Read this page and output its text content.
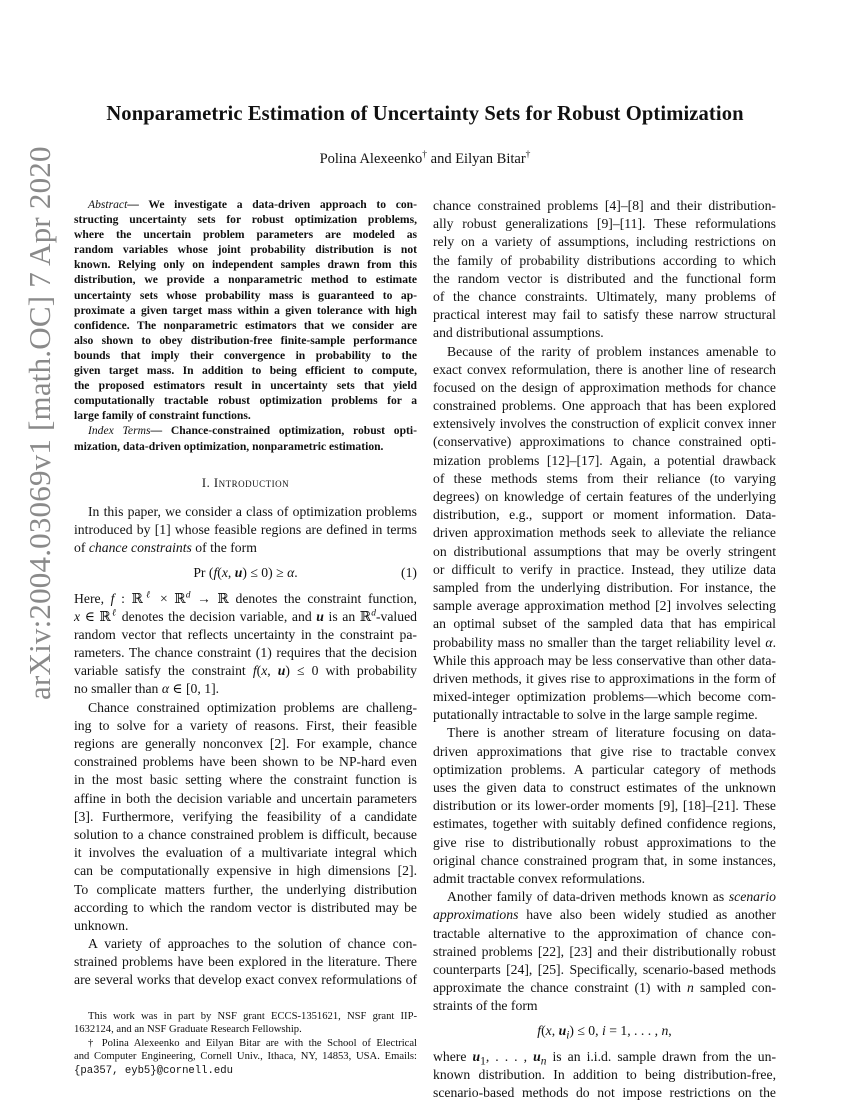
arXiv:2004.03069v1 [math.OC] 7 Apr 2020
Nonparametric Estimation of Uncertainty Sets for Robust Optimization
Polina Alexeenko† and Eilyan Bitar†
Abstract— We investigate a data-driven approach to con-
structing uncertainty sets for robust optimization problems,
where the uncertain problem parameters are modeled as
random variables whose joint probability distribution is not
known. Relying only on independent samples drawn from this
distribution, we provide a nonparametric method to estimate
uncertainty sets whose probability mass is guaranteed to ap-
proximate a given target mass within a given tolerance with high
confidence. The nonparametric estimators that we consider are
also shown to obey distribution-free finite-sample performance
bounds that imply their convergence in probability to the
given target mass. In addition to being efficient to compute,
the proposed estimators result in uncertainty sets that yield
computationally tractable robust optimization problems for a
large family of constraint functions.
Index Terms— Chance-constrained optimization, robust opti-
mization, data-driven optimization, nonparametric estimation.
I. Introduction
In this paper, we consider a class of optimization problems
introduced by [1] whose feasible regions are defined in terms
of chance constraints of the form
Pr (f(x, u) ≤ 0) ≥ α.	(1)
Here, f : ℝ$^\ell$ × ℝ$^d$ → ℝ denotes the constraint function,
x ∈ ℝ$^\ell$ denotes the decision variable, and u is an ℝ$^d$-valued
random vector that reflects uncertainty in the constraint pa-
rameters. The chance constraint (1) requires that the decision
variable satisfy the constraint f(x, u) ≤ 0 with probability
no smaller than α ∈ [0, 1].
Chance constrained optimization problems are challeng-
ing to solve for a variety of reasons. First, their feasible
regions are generally nonconvex [2]. For example, chance
constrained problems have been shown to be NP-hard even
in the most basic setting where the constraint function is
affine in both the decision variable and uncertain parameters
[3]. Furthermore, verifying the feasibility of a candidate
solution to a chance constrained problem is difficult, because
it involves the evaluation of a multivariate integral which
can be computationally expensive in high dimensions [2].
To complicate matters further, the underlying distribution
according to which the random vector is distributed may be
unknown.
A variety of approaches to the solution of chance con-
strained problems have been explored in the literature. There
are several works that develop exact convex reformulations of
This work was in part by NSF grant ECCS-1351621, NSF grant IIP-
1632124, and an NSF Graduate Research Fellowship.
† Polina Alexeenko and Eilyan Bitar are with the School of Electrical
and Computer Engineering, Cornell Univ., Ithaca, NY, 14853, USA. Emails:
{pa357, eyb5}@cornell.edu
chance constrained problems [4]–[8] and their distribution-
ally robust generalizations [9]–[11]. These reformulations
rely on a variety of assumptions, including restrictions on
the family of probability distributions according to which
the random vector is distributed and the functional form
of the chance constraints. Ultimately, many problems of
practical interest may fail to satisfy these narrow structural
and distributional assumptions.
Because of the rarity of problem instances amenable to
exact convex reformulation, there is another line of research
focused on the design of approximation methods for chance
constrained problems. One approach that has been explored
extensively involves the construction of explicit convex inner
(conservative) approximations to chance constrained opti-
mization problems [12]–[17]. Again, a potential drawback
of these methods stems from their reliance (to varying
degrees) on knowledge of certain features of the underlying
distribution, e.g., support or moment information. Data-
driven approximation methods seek to alleviate the reliance
on distributional assumptions that may be overly stringent
or difficult to verify in practice. Instead, they utilize data
sampled from the underlying distribution. For instance, the
sample average approximation method [2] involves selecting
an optimal subset of the sampled data that has empirical
probability mass no smaller than the target reliability level α.
While this approach may be less conservative than other data-
driven methods, it gives rise to approximations in the form of
mixed-integer optimization problems—which become com-
putationally intractable to solve in the large sample regime.
There is another stream of literature focusing on data-
driven approximations that give rise to tractable convex
optimization problems. A particular category of methods
uses the given data to construct estimates of the unknown
distribution or its lower-order moments [9], [18]–[21]. These
estimates, together with suitably defined confidence regions,
give rise to distributionally robust approximations to the
original chance constrained program that, in some instances,
admit tractable convex reformulations.
Another family of data-driven methods known as scenario
approximations have also been widely studied as another
tractable alternative to the approximation of chance con-
strained problems [22], [23] and their distributionally robust
counterparts [24], [25]. Specifically, scenario-based methods
approximate the chance constraint (1) with n sampled con-
straints of the form
f(x, $u_i) \le 0$, i = 1, . . . , n,
where $u_1$, . . . , $u_n$ is an i.i.d. sample drawn from the un-
known distribution. In addition to being distribution-free,
scenario-based methods do not impose restrictions on the
